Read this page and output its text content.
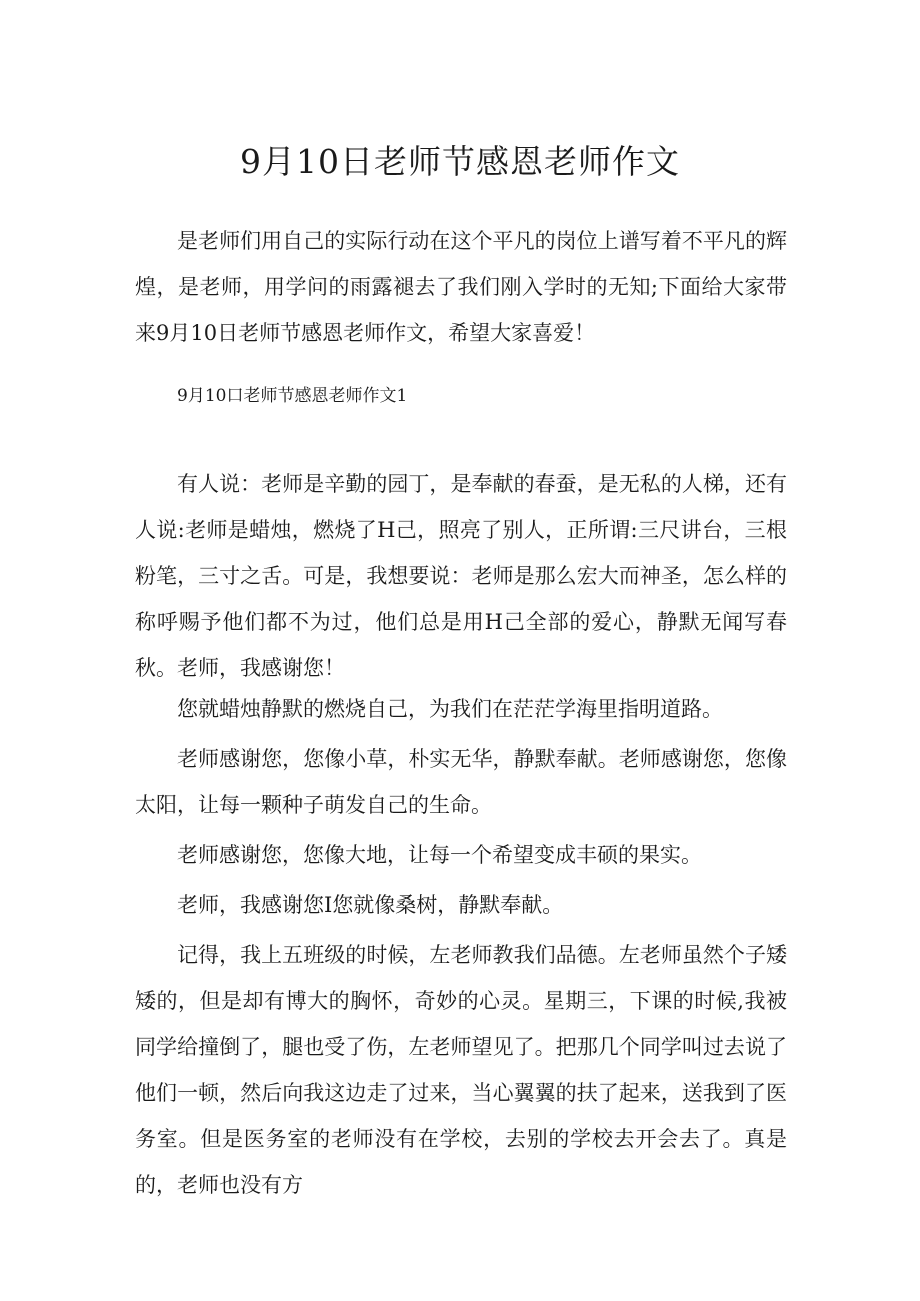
9月10日老师节感恩老师作文

是老师们用自己的实际行动在这个平凡的岗位上谱写着不平凡的辉煌，是老师，用学问的雨露褪去了我们刚入学时的无知;下面给大家带来9月10日老师节感恩老师作文，希望大家喜爱！

9月10口老师节感恩老师作文1

有人说：老师是辛勤的园丁，是奉献的春蚕，是无私的人梯，还有人说:老师是蜡烛，燃烧了H己，照亮了别人，正所谓:三尺讲台，三根粉笔，三寸之舌。可是，我想要说：老师是那么宏大而神圣，怎么样的称呼赐予他们都不为过，他们总是用H己全部的爱心，静默无闻写春秋。老师，我感谢您！

您就蜡烛静默的燃烧自己，为我们在茫茫学海里指明道路。

老师感谢您，您像小草，朴实无华，静默奉献。老师感谢您，您像太阳，让每一颗种子萌发自己的生命。

老师感谢您，您像大地，让每一个希望变成丰硕的果实。

老师，我感谢您I您就像桑树，静默奉献。

记得，我上五班级的时候，左老师教我们品德。左老师虽然个子矮矮的，但是却有博大的胸怀，奇妙的心灵。星期三，下课的时候,我被同学给撞倒了，腿也受了伤，左老师望见了。把那几个同学叫过去说了他们一顿，然后向我这边走了过来，当心翼翼的扶了起来，送我到了医务室。但是医务室的老师没有在学校，去别的学校去开会去了。真是的，老师也没有方
